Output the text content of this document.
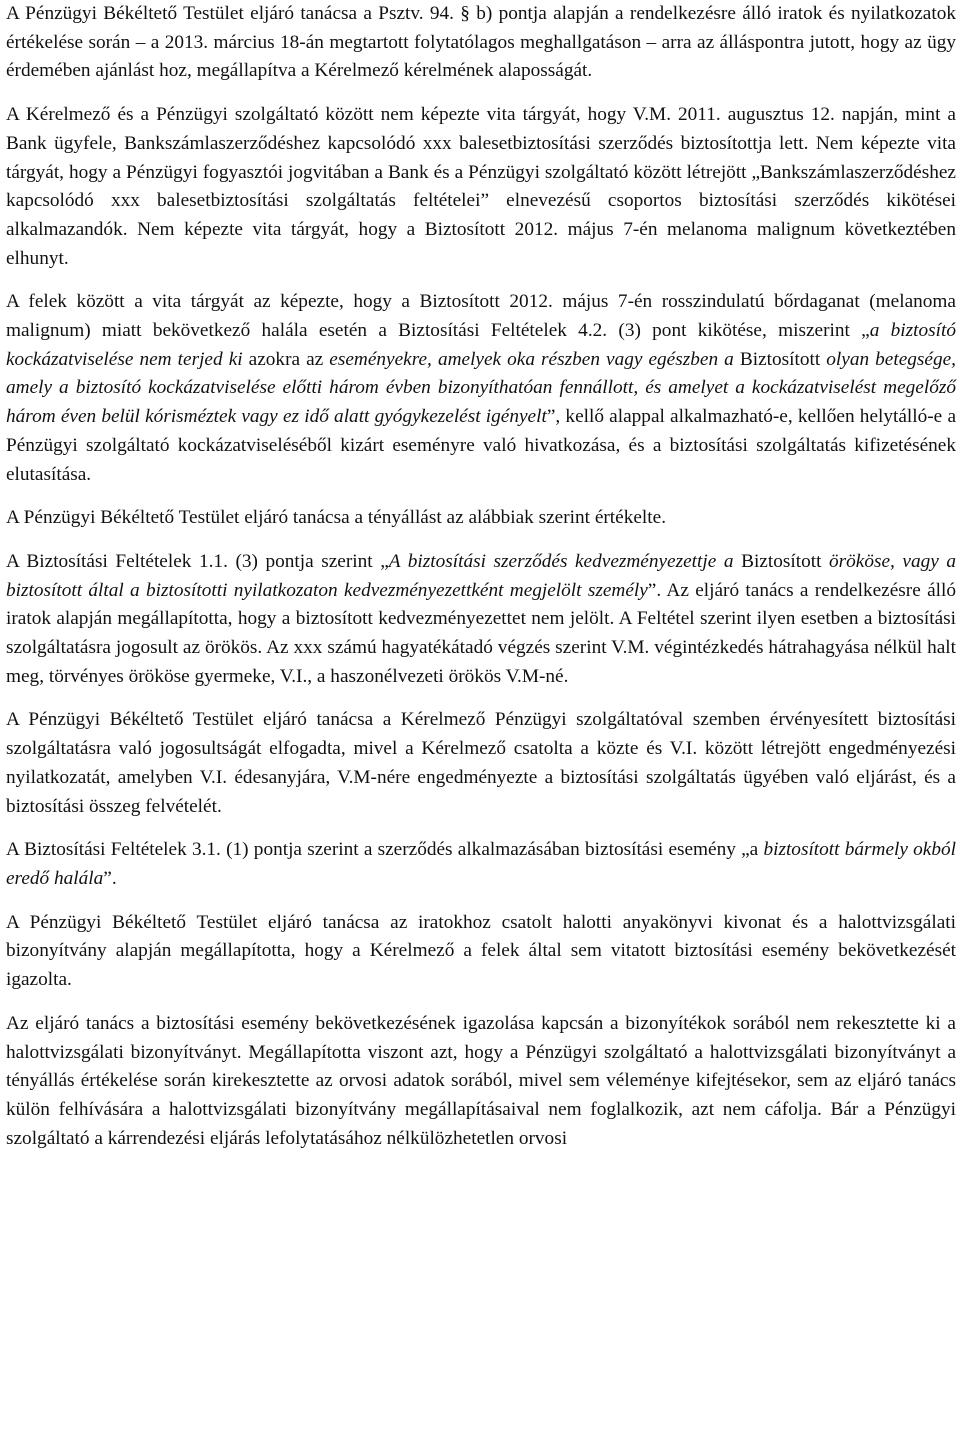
A Pénzügyi Békéltető Testület eljáró tanácsa a Psztv. 94. § b) pontja alapján a rendelkezésre álló iratok és nyilatkozatok értékelése során – a 2013. március 18-án megtartott folytatólagos meghallgatáson – arra az álláspontra jutott, hogy az ügy érdemében ajánlást hoz, megállapítva a Kérelmező kérelmének alaposságát.

A Kérelmező és a Pénzügyi szolgáltató között nem képezte vita tárgyát, hogy V.M. 2011. augusztus 12. napján, mint a Bank ügyfele, Bankszámlaszerződéshez kapcsolódó xxx balesetbiztosítási szerződés biztosítottja lett. Nem képezte vita tárgyát, hogy a Pénzügyi fogyasztói jogvitában a Bank és a Pénzügyi szolgáltató között létrejött „Bankszámlaszerződéshez kapcsolódó xxx balesetbiztosítási szolgáltatás feltételei” elnevezésű csoportos biztosítási szerződés kikötései alkalmazandók. Nem képezte vita tárgyát, hogy a Biztosított 2012. május 7-én melanoma malignum következtében elhunyt.

A felek között a vita tárgyát az képezte, hogy a Biztosított 2012. május 7-én rosszindulatú bőrdaganat (melanoma malignum) miatt bekövetkező halála esetén a Biztosítási Feltételek 4.2. (3) pont kikötése, miszerint „a biztosító kockázatviselése nem terjed ki azokra az eseményekre, amelyek oka részben vagy egészben a Biztosított olyan betegsége, amely a biztosító kockázatviselése előtti három évben bizonyíthatóan fennállott, és amelyet a kockázatviselést megelőző három éven belül kórisméztek vagy ez idő alatt gyógykezelést igényelt”, kellő alappal alkalmazható-e, kellően helytálló-e a Pénzügyi szolgáltató kockázatviseléséből kizárt eseményre való hivatkozása, és a biztosítási szolgáltatás kifizetésének elutasítása.

A Pénzügyi Békéltető Testület eljáró tanácsa a tényállást az alábbiak szerint értékelte.

A Biztosítási Feltételek 1.1. (3) pontja szerint „A biztosítási szerződés kedvezményezettje a Biztosított örököse, vagy a biztosított által a biztosítotti nyilatkozaton kedvezményezettként megjelölt személy”. Az eljáró tanács a rendelkezésre álló iratok alapján megállapította, hogy a biztosított kedvezményezettet nem jelölt. A Feltétel szerint ilyen esetben a biztosítási szolgáltatásra jogosult az örökös. Az xxx számú hagyatékátadó végzés szerint V.M. végintézkedés hátrahagyása nélkül halt meg, törvényes örököse gyermeke, V.I., a haszonélvezeti örökös V.M-né.

A Pénzügyi Békéltető Testület eljáró tanácsa a Kérelmező Pénzügyi szolgáltatóval szemben érvényesített biztosítási szolgáltatásra való jogosultságát elfogadta, mivel a Kérelmező csatolta a közte és V.I. között létrejött engedményezési nyilatkozatát, amelyben V.I. édesanyjára, V.M-nére engedményezte a biztosítási szolgáltatás ügyében való eljárást, és a biztosítási összeg felvételét.

A Biztosítási Feltételek 3.1. (1) pontja szerint a szerződés alkalmazásában biztosítási esemény „a biztosított bármely okból eredő halála”.

A Pénzügyi Békéltető Testület eljáró tanácsa az iratokhoz csatolt halotti anyakönyvi kivonat és a halottvizsgálati bizonyítvány alapján megállapította, hogy a Kérelmező a felek által sem vitatott biztosítási esemény bekövetkezését igazolta.

Az eljáró tanács a biztosítási esemény bekövetkezésének igazolása kapcsán a bizonyítékok sorából nem rekesztette ki a halottvizsgálati bizonyítványt. Megállapította viszont azt, hogy a Pénzügyi szolgáltató a halottvizsgálati bizonyítványt a tényállás értékelése során kirekesztette az orvosi adatok sorából, mivel sem véleménye kifejtésekor, sem az eljáró tanács külön felhívására a halottvizsgálati bizonyítvány megállapításaival nem foglalkozik, azt nem cáfolja. Bár a Pénzügyi szolgáltató a kárrendezési eljárás lefolytatásához nélkülözhetetlen orvosi
